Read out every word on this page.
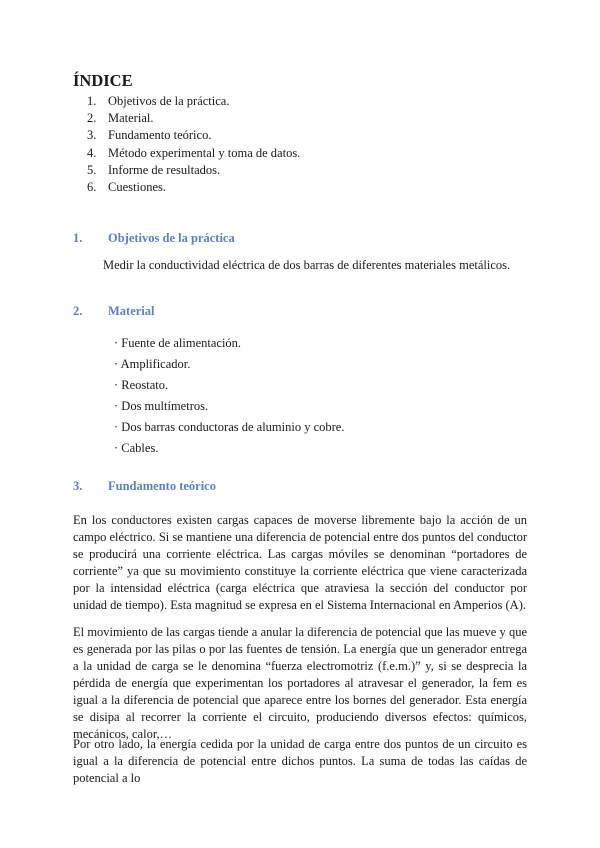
ÍNDICE
1. Objetivos de la práctica.
2. Material.
3. Fundamento teórico.
4. Método experimental y toma de datos.
5. Informe de resultados.
6. Cuestiones.
1. Objetivos de la práctica

Medir la conductividad eléctrica de dos barras de diferentes materiales metálicos.

2. Material
· Fuente de alimentación.
· Amplificador.
· Reostato.
· Dos multímetros.
· Dos barras conductoras de aluminio y cobre.
· Cables.
3. Fundamento teórico

En los conductores existen cargas capaces de moverse libremente bajo la acción de un campo eléctrico. Si se mantiene una diferencia de potencial entre dos puntos del conductor se producirá una corriente eléctrica. Las cargas móviles se denominan “portadores de corriente” ya que su movimiento constituye la corriente eléctrica que viene caracterizada por la intensidad eléctrica (carga eléctrica que atraviesa la sección del conductor por unidad de tiempo). Esta magnitud se expresa en el Sistema Internacional en Amperios (A).

El movimiento de las cargas tiende a anular la diferencia de potencial que las mueve y que es generada por las pilas o por las fuentes de tensión. La energía que un generador entrega a la unidad de carga se le denomina “fuerza electromotriz (f.e.m.)” y, si se desprecia la pérdida de energía que experimentan los portadores al atravesar el generador, la fem es igual a la diferencia de potencial que aparece entre los bornes del generador. Esta energía se disipa al recorrer la corriente el circuito, produciendo diversos efectos: químicos, mecánicos, calor,…

Por otro lado, la energía cedida por la unidad de carga entre dos puntos de un circuito es igual a la diferencia de potencial entre dichos puntos. La suma de todas las caídas de potencial a lo
